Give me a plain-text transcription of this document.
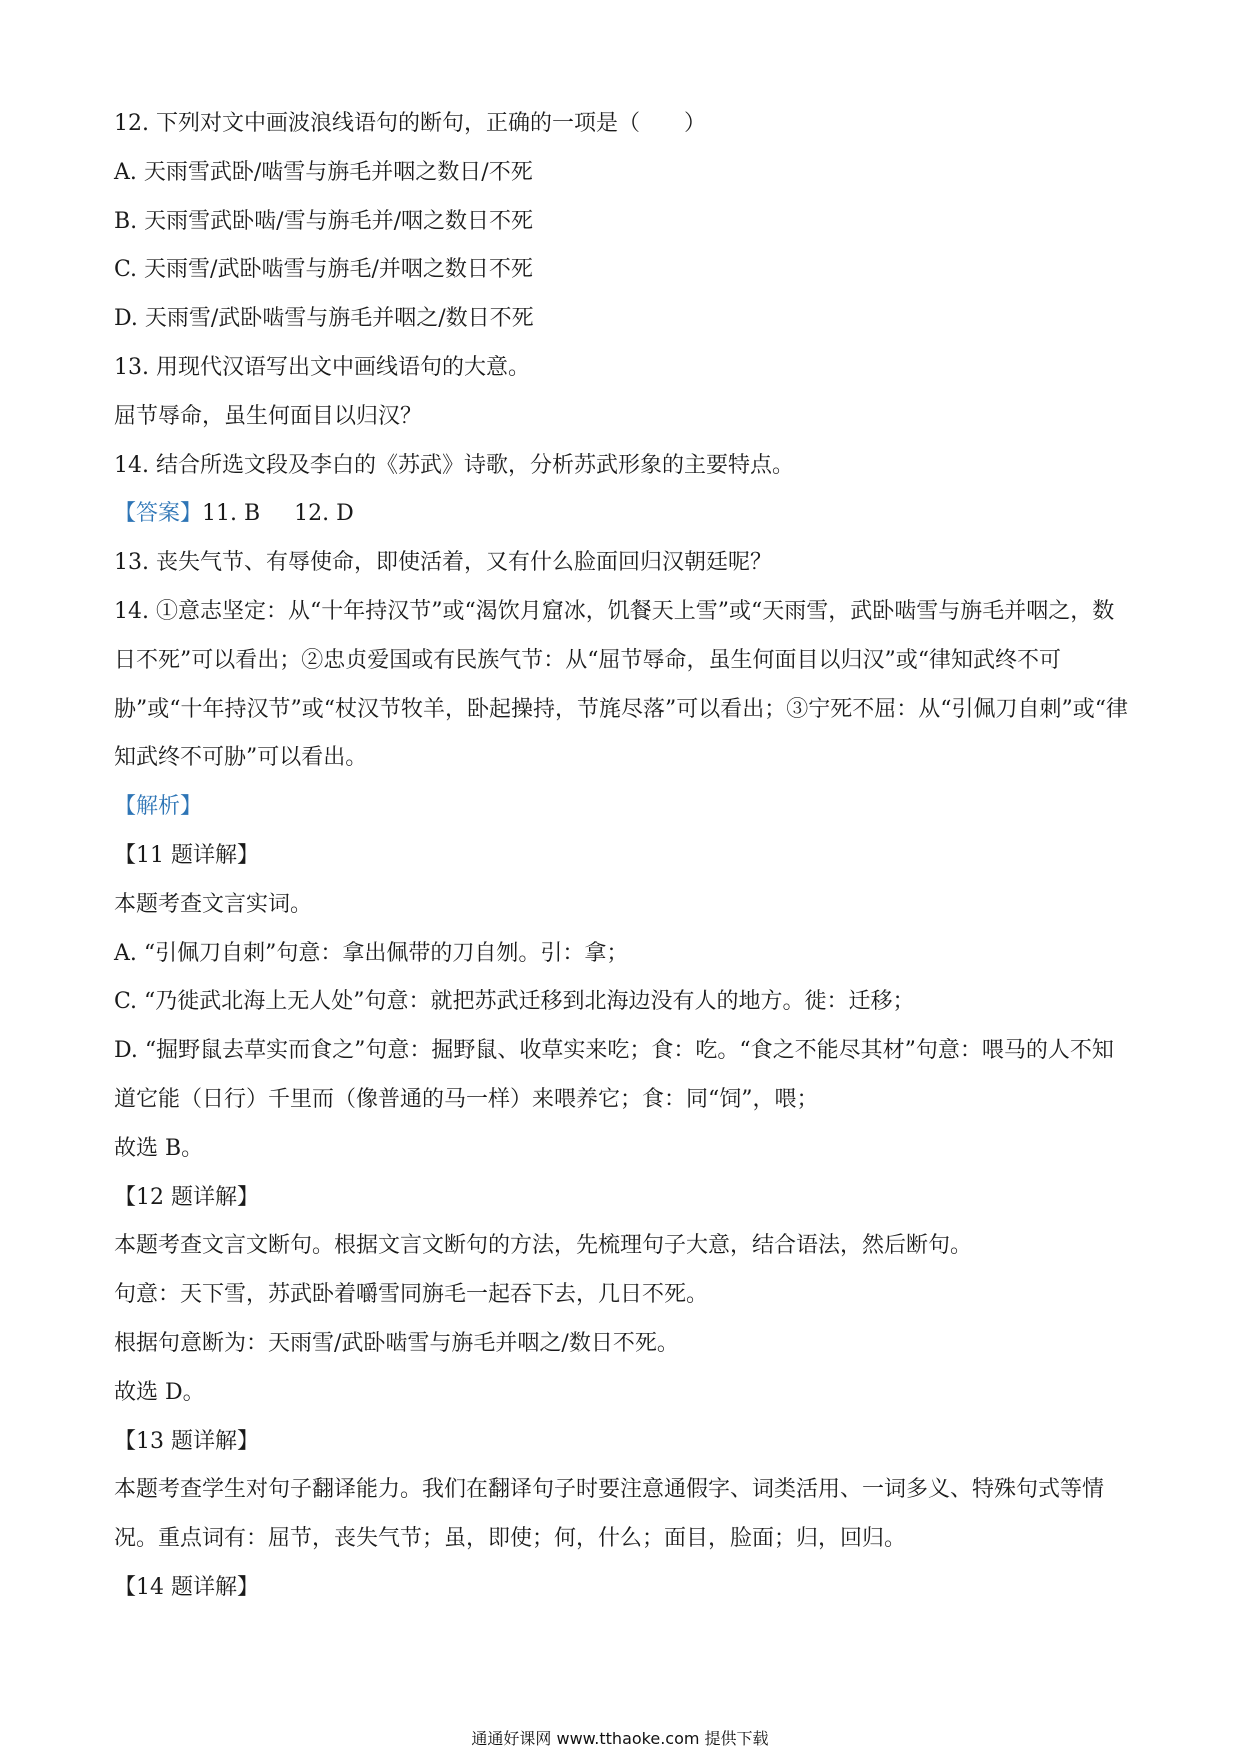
12. 下列对文中画波浪线语句的断句，正确的一项是（　　）

A. 天雨雪武卧/啮雪与旃毛并咽之数日/不死

B. 天雨雪武卧啮/雪与旃毛并/咽之数日不死

C. 天雨雪/武卧啮雪与旃毛/并咽之数日不死

D. 天雨雪/武卧啮雪与旃毛并咽之/数日不死

13. 用现代汉语写出文中画线语句的大意。

屈节辱命，虽生何面目以归汉？

14. 结合所选文段及李白的《苏武》诗歌，分析苏武形象的主要特点。

【答案】11. B 12. D

13. 丧失气节、有辱使命，即使活着，又有什么脸面回归汉朝廷呢？

14. ①意志坚定：从“十年持汉节”或“渴饮月窟冰，饥餐天上雪”或“天雨雪，武卧啮雪与旃毛并咽之，数日不死”可以看出；②忠贞爱国或有民族气节：从“屈节辱命，虽生何面目以归汉”或“律知武终不可胁”或“十年持汉节”或“杖汉节牧羊，卧起操持，节旄尽落”可以看出；③宁死不屈：从“引佩刀自刺”或“律知武终不可胁”可以看出。

【解析】

【11 题详解】

本题考查文言实词。

A. “引佩刀自刺”句意：拿出佩带的刀自刎。引：拿；

C. “乃徙武北海上无人处”句意：就把苏武迁移到北海边没有人的地方。徙：迁移；

D. “掘野鼠去草实而食之”句意：掘野鼠、收草实来吃；食：吃。“食之不能尽其材”句意：喂马的人不知道它能（日行）千里而（像普通的马一样）来喂养它；食：同“饲”，喂；

故选 B。

【12 题详解】

本题考查文言文断句。根据文言文断句的方法，先梳理句子大意，结合语法，然后断句。

句意：天下雪，苏武卧着嚼雪同旃毛一起吞下去，几日不死。

根据句意断为：天雨雪/武卧啮雪与旃毛并咽之/数日不死。

故选 D。

【13 题详解】

本题考查学生对句子翻译能力。我们在翻译句子时要注意通假字、词类活用、一词多义、特殊句式等情况。重点词有：屈节，丧失气节；虽，即使；何，什么；面目，脸面；归，回归。

【14 题详解】

通通好课网 www.tthaoke.com 提供下载
